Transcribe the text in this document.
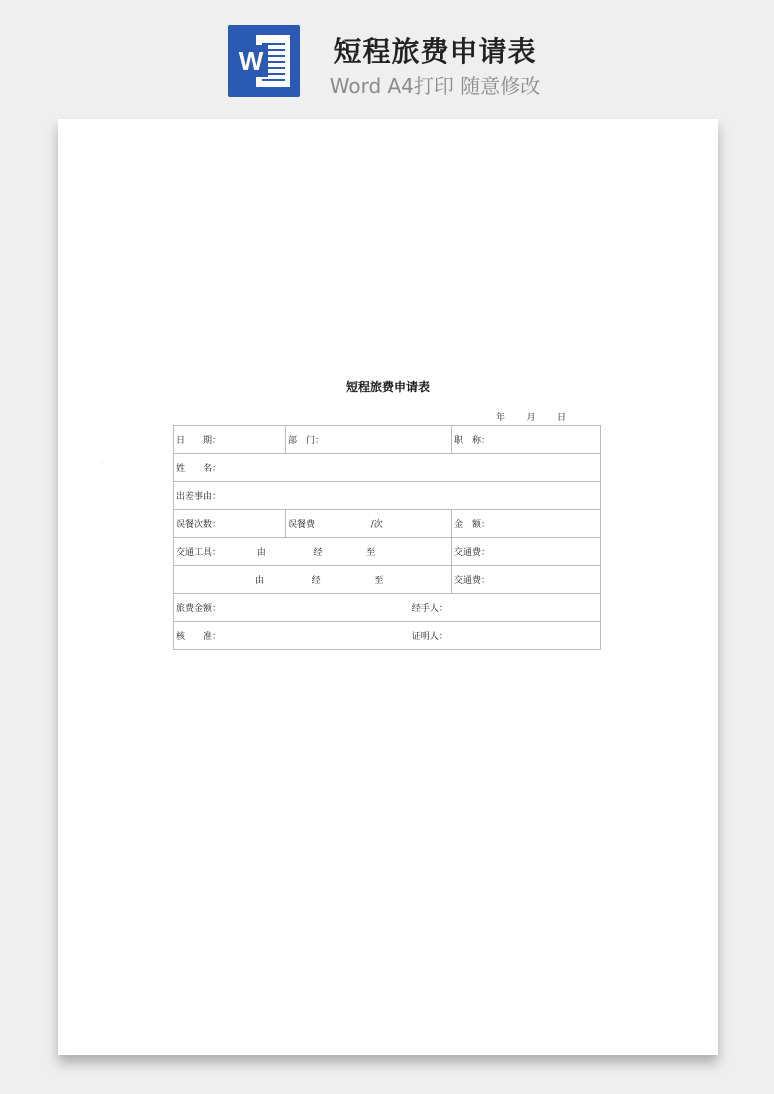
W	短程旅费申请表
Word A4打印 随意修改
短程旅费申请表
年 月 日
日　　期：	部　门：	职　称：
姓　　名：		
出差事由：		
误餐次数：	误餐费 /次	金　额：
交通工具： 由 经 至		交通费：
由 经 至		交通费：
旅费金额： 经手人：		
核　　准： 证明人：		
